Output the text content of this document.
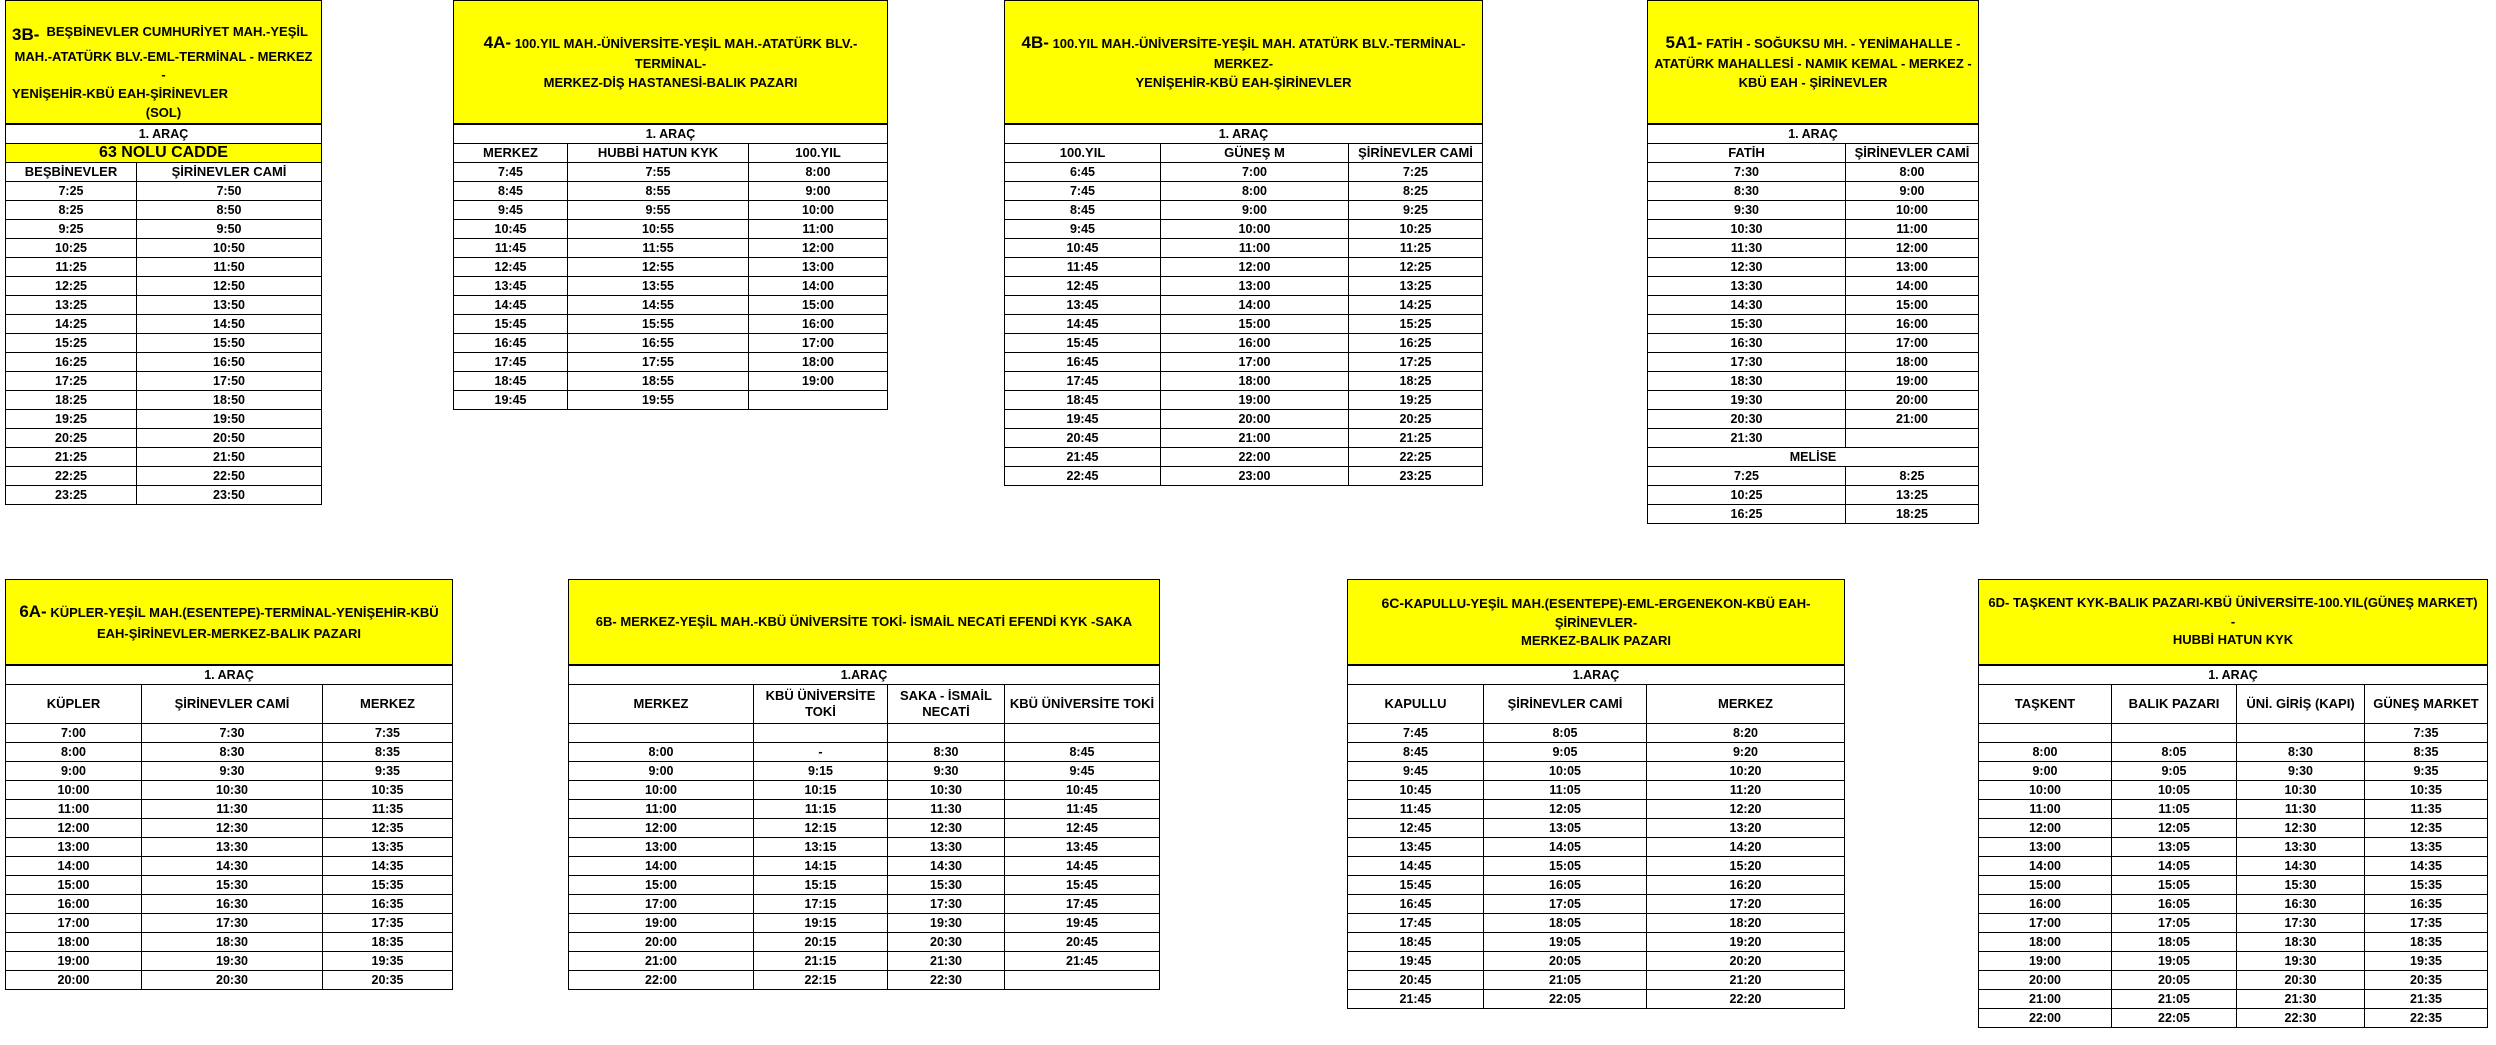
3B- BEŞBİNEVLER CUMHURİYET MAH.-YEŞİL
MAH.-ATATÜRK BLV.-EML-TERMİNAL - MERKEZ -
YENİŞEHİR-KBÜ EAH-ŞİRİNEVLER
(SOL)
1. ARAÇ	
63 NOLU CADDE	
BEŞBİNEVLER	ŞİRİNEVLER CAMİ
7:25	7:50
8:25	8:50
9:25	9:50
10:25	10:50
11:25	11:50
12:25	12:50
13:25	13:50
14:25	14:50
15:25	15:50
16:25	16:50
17:25	17:50
18:25	18:50
19:25	19:50
20:25	20:50
21:25	21:50
22:25	22:50
23:25	23:50
4A- 100.YIL MAH.-ÜNİVERSİTE-YEŞİL MAH.-ATATÜRK BLV.-TERMİNAL-
MERKEZ-DİŞ HASTANESİ-BALIK PAZARI
1. ARAÇ		
MERKEZ	HUBBİ HATUN KYK	100.YIL
7:45	7:55	8:00
8:45	8:55	9:00
9:45	9:55	10:00
10:45	10:55	11:00
11:45	11:55	12:00
12:45	12:55	13:00
13:45	13:55	14:00
14:45	14:55	15:00
15:45	15:55	16:00
16:45	16:55	17:00
17:45	17:55	18:00
18:45	18:55	19:00
19:45	19:55	
4B- 100.YIL MAH.-ÜNİVERSİTE-YEŞİL MAH. ATATÜRK BLV.-TERMİNAL-MERKEZ-
YENİŞEHİR-KBÜ EAH-ŞİRİNEVLER
1. ARAÇ		
100.YIL	GÜNEŞ M	ŞİRİNEVLER CAMİ
6:45	7:00	7:25
7:45	8:00	8:25
8:45	9:00	9:25
9:45	10:00	10:25
10:45	11:00	11:25
11:45	12:00	12:25
12:45	13:00	13:25
13:45	14:00	14:25
14:45	15:00	15:25
15:45	16:00	16:25
16:45	17:00	17:25
17:45	18:00	18:25
18:45	19:00	19:25
19:45	20:00	20:25
20:45	21:00	21:25
21:45	22:00	22:25
22:45	23:00	23:25
5A1- FATİH - SOĞUKSU MH. - YENİMAHALLE -
ATATÜRK MAHALLESİ - NAMIK KEMAL - MERKEZ -
KBÜ EAH - ŞİRİNEVLER
1. ARAÇ	
FATİH	ŞİRİNEVLER CAMİ
7:30	8:00
8:30	9:00
9:30	10:00
10:30	11:00
11:30	12:00
12:30	13:00
13:30	14:00
14:30	15:00
15:30	16:00
16:30	17:00
17:30	18:00
18:30	19:00
19:30	20:00
20:30	21:00
21:30	
MELİSE	
7:25	8:25
10:25	13:25
16:25	18:25
6A- KÜPLER-YEŞİL MAH.(ESENTEPE)-TERMİNAL-YENİŞEHİR-KBÜ
EAH-ŞİRİNEVLER-MERKEZ-BALIK PAZARI
1. ARAÇ		
KÜPLER	ŞİRİNEVLER CAMİ	MERKEZ
7:00	7:30	7:35
8:00	8:30	8:35
9:00	9:30	9:35
10:00	10:30	10:35
11:00	11:30	11:35
12:00	12:30	12:35
13:00	13:30	13:35
14:00	14:30	14:35
15:00	15:30	15:35
16:00	16:30	16:35
17:00	17:30	17:35
18:00	18:30	18:35
19:00	19:30	19:35
20:00	20:30	20:35
6B- MERKEZ-YEŞİL MAH.-KBÜ ÜNİVERSİTE TOKİ- İSMAİL NECATİ EFENDİ KYK -SAKA
1.ARAÇ			
MERKEZ	KBÜ ÜNİVERSİTE TOKİ	SAKA - İSMAİL NECATİ	KBÜ ÜNİVERSİTE TOKİ

8:00	-	8:30	8:45
9:00	9:15	9:30	9:45
10:00	10:15	10:30	10:45
11:00	11:15	11:30	11:45
12:00	12:15	12:30	12:45
13:00	13:15	13:30	13:45
14:00	14:15	14:30	14:45
15:00	15:15	15:30	15:45
17:00	17:15	17:30	17:45
19:00	19:15	19:30	19:45
20:00	20:15	20:30	20:45
21:00	21:15	21:30	21:45
22:00	22:15	22:30	
6C-KAPULLU-YEŞİL MAH.(ESENTEPE)-EML-ERGENEKON-KBÜ EAH-ŞİRİNEVLER-
MERKEZ-BALIK PAZARI
1.ARAÇ		
KAPULLU	ŞİRİNEVLER CAMİ	MERKEZ
7:45	8:05	8:20
8:45	9:05	9:20
9:45	10:05	10:20
10:45	11:05	11:20
11:45	12:05	12:20
12:45	13:05	13:20
13:45	14:05	14:20
14:45	15:05	15:20
15:45	16:05	16:20
16:45	17:05	17:20
17:45	18:05	18:20
18:45	19:05	19:20
19:45	20:05	20:20
20:45	21:05	21:20
21:45	22:05	22:20
6D- TAŞKENT KYK-BALIK PAZARI-KBÜ ÜNİVERSİTE-100.YIL(GÜNEŞ MARKET) -
HUBBİ HATUN KYK
1. ARAÇ			
TAŞKENT	BALIK PAZARI	ÜNİ. GİRİŞ (KAPI)	GÜNEŞ MARKET
			7:35
8:00	8:05	8:30	8:35
9:00	9:05	9:30	9:35
10:00	10:05	10:30	10:35
11:00	11:05	11:30	11:35
12:00	12:05	12:30	12:35
13:00	13:05	13:30	13:35
14:00	14:05	14:30	14:35
15:00	15:05	15:30	15:35
16:00	16:05	16:30	16:35
17:00	17:05	17:30	17:35
18:00	18:05	18:30	18:35
19:00	19:05	19:30	19:35
20:00	20:05	20:30	20:35
21:00	21:05	21:30	21:35
22:00	22:05	22:30	22:35
